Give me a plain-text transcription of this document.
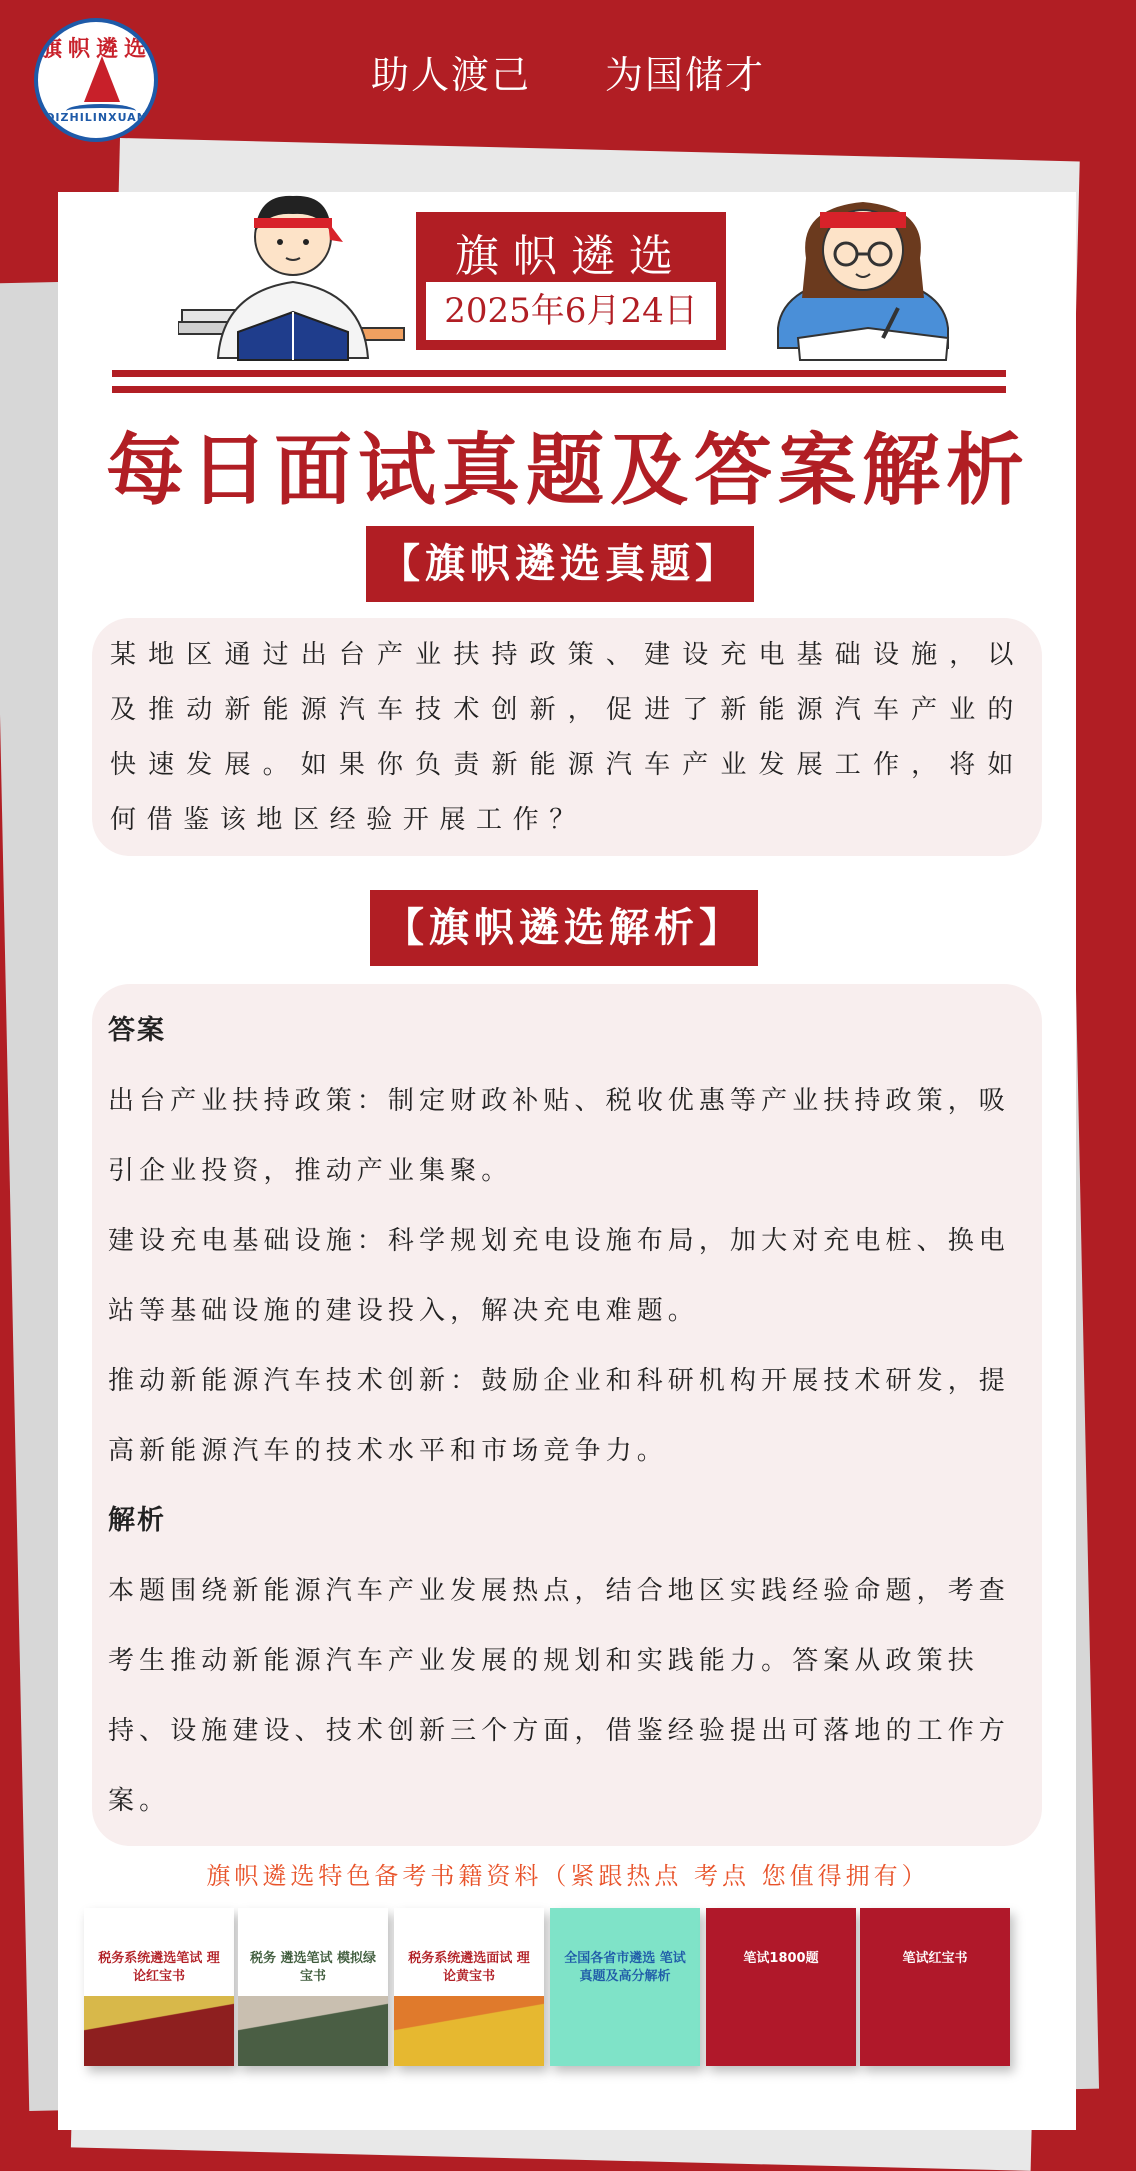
旗帜遴选
QIZHILINXUAN
助人渡己 为国储才
旗帜遴选
2025年6月24日
每日面试真题及答案解析
【旗帜遴选真题】

某地区通过出台产业扶持政策、建设充电基础设施，以及推动新能源汽车技术创新，促进了新能源汽车产业的快速发展。如果你负责新能源汽车产业发展工作，将如何借鉴该地区经验开展工作？

【旗帜遴选解析】

答案

出台产业扶持政策：制定财政补贴、税收优惠等产业扶持政策，吸引企业投资，推动产业集聚。

建设充电基础设施：科学规划充电设施布局，加大对充电桩、换电站等基础设施的建设投入，解决充电难题。

推动新能源汽车技术创新：鼓励企业和科研机构开展技术研发，提高新能源汽车的技术水平和市场竞争力。

解析

本题围绕新能源汽车产业发展热点，结合地区实践经验命题，考查考生推动新能源汽车产业发展的规划和实践能力。答案从政策扶持、设施建设、技术创新三个方面，借鉴经验提出可落地的工作方案。

旗帜遴选特色备考书籍资料（紧跟热点 考点 您值得拥有）
税务系统遴选笔试 理论红宝书
税务 遴选笔试 模拟绿宝书
税务系统遴选面试 理论黄宝书
全国各省市遴选 笔试真题及高分解析
笔试1800题	笔试红宝书
